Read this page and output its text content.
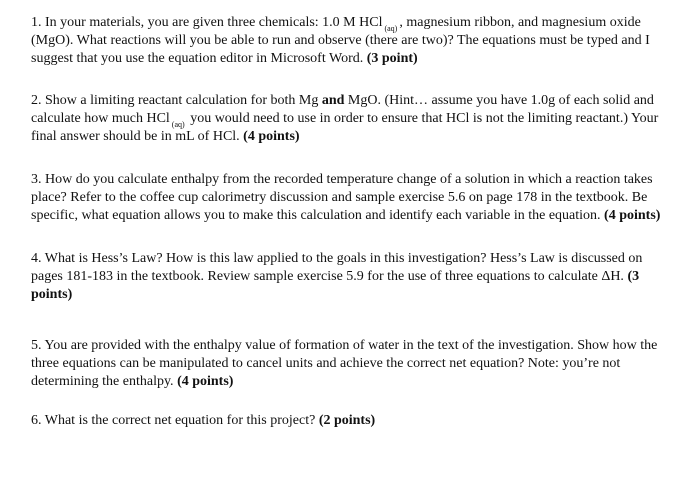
1. In your materials, you are given three chemicals: 1.0 M HCl $_{(aq)}$ , magnesium ribbon, and magnesium oxide (MgO). What reactions will you be able to run and observe (there are two)? The equations must be typed and I suggest that you use the equation editor in Microsoft Word. (3 point)

2. Show a limiting reactant calculation for both Mg and MgO. (Hint… assume you have 1.0g of each solid and calculate how much HCl $_{(aq)}$ you would need to use in order to ensure that HCl is not the limiting reactant.) Your final answer should be in mL of HCl. (4 points)

3. How do you calculate enthalpy from the recorded temperature change of a solution in which a reaction takes place? Refer to the coffee cup calorimetry discussion and sample exercise 5.6 on page 178 in the textbook. Be specific, what equation allows you to make this calculation and identify each variable in the equation. (4 points)

4. What is Hess’s Law? How is this law applied to the goals in this investigation? Hess’s Law is discussed on pages 181-183 in the textbook. Review sample exercise 5.9 for the use of three equations to calculate ΔH. (3 points)

5. You are provided with the enthalpy value of formation of water in the text of the investigation. Show how the three equations can be manipulated to cancel units and achieve the correct net equation? Note: you’re not determining the enthalpy. (4 points)

6. What is the correct net equation for this project? (2 points)
